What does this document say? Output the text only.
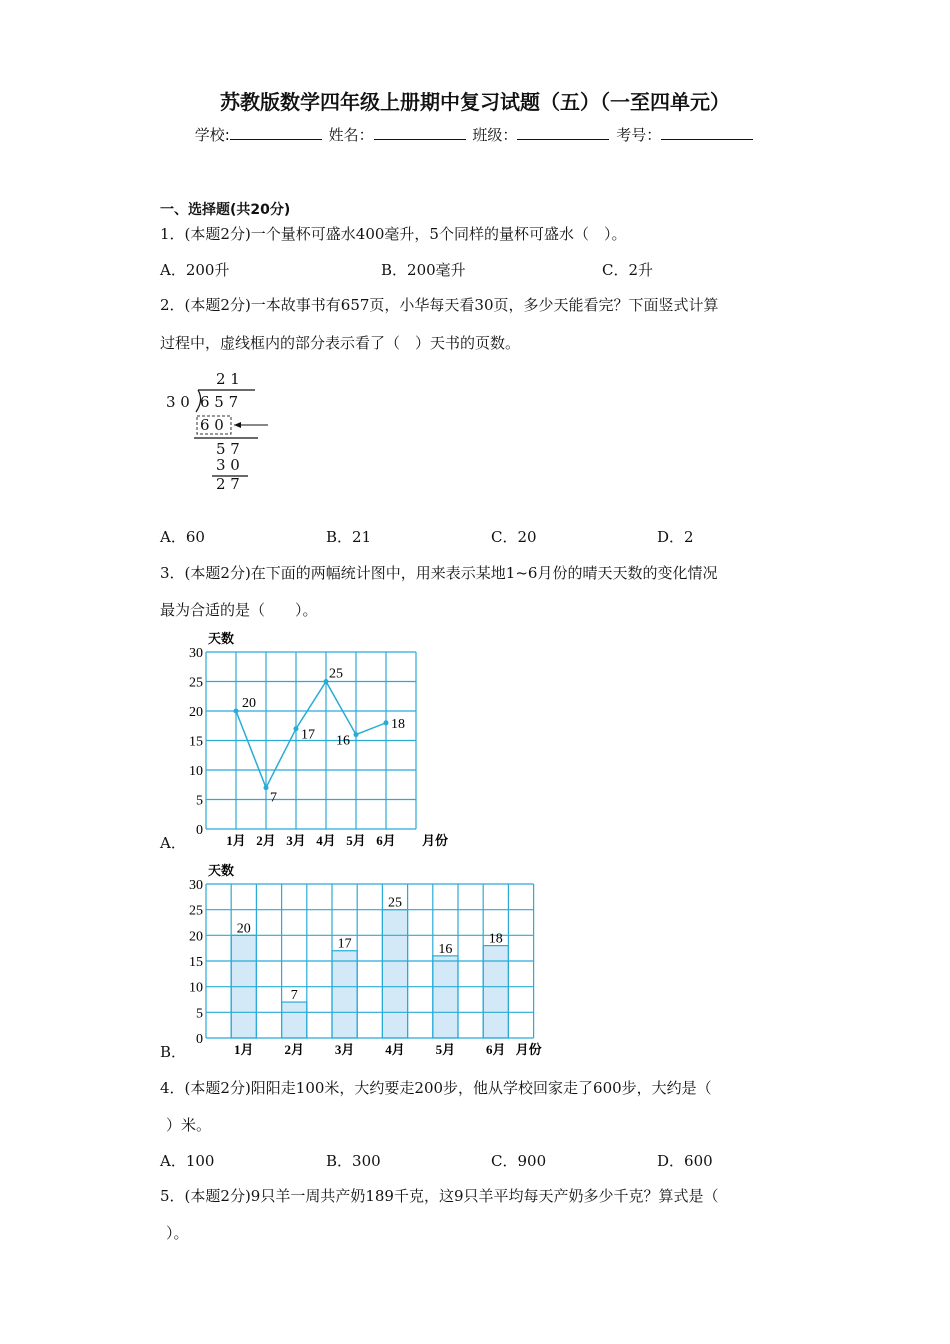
苏教版数学四年级上册期中复习试题（五）（一至四单元）
学校:	姓名：	班级：	考号：
一、选择题(共20分)
1．(本题2分)一个量杯可盛水400毫升，5个同样的量杯可盛水（　）。
A．200升	B．200毫升	C．2升
2．(本题2分)一本故事书有657页，小华每天看30页，多少天能看完？下面竖式计算
过程中，虚线框内的部分表示看了（　）天书的页数。
2 1
3 0 6 5 7
6 0
5 7
3 0
2 7
A．60	B．21	C．20	D．2
3．(本题2分)在下面的两幅统计图中，用来表示某地1~6月份的晴天天数的变化情况
最为合适的是（　　）。
0
5
10
15
20
25
30
天数
1月 2月 3月 4月 5月 6月 月份
20
7
17
25
16
18
A．
0
5
10
15
20
25
30
天数
1月 2月 3月 4月 5月 6月 月份
20
7
17
25
16
18
B．
4．(本题2分)阳阳走100米，大约要走200步，他从学校回家走了600步，大约是（
）米。
A．100	B．300	C．900	D．600
5．(本题2分)9只羊一周共产奶189千克，这9只羊平均每天产奶多少千克？算式是（
）。
